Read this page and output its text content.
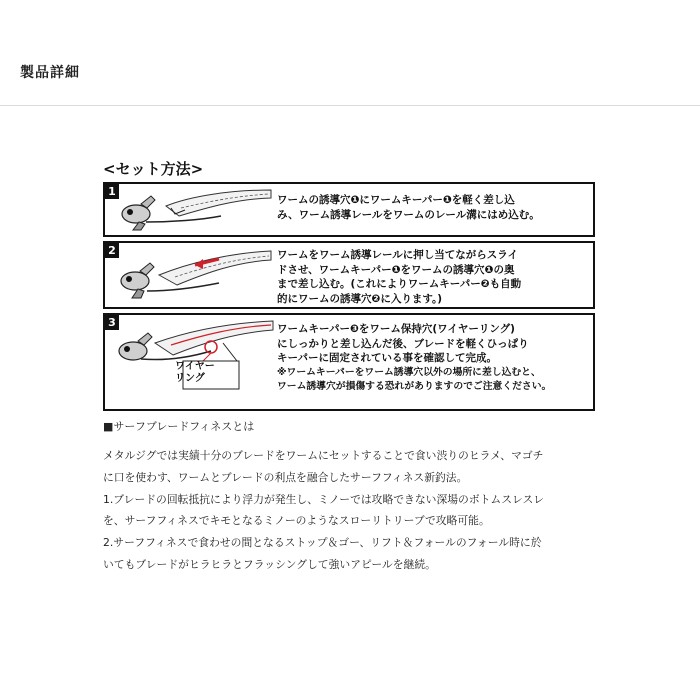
製品詳細
<セット方法>
1
ワームの誘導穴❶にワームキーパー❶を軽く差し込
み、ワーム誘導レールをワームのレール溝にはめ込む。
2	ワームをワーム誘導レールに押し当てながらスライ
ドさせ、ワームキーパー❶をワームの誘導穴❶の奥
まで差し込む。(これによりワームキーパー❷も自動
的にワームの誘導穴❷に入ります。)
3
ワイヤー
リング
ワームキーパー❸をワーム保持穴(ワイヤーリング)
にしっかりと差し込んだ後、ブレードを軽くひっぱり
キーパーに固定されている事を確認して完成。
※ワームキーパーをワーム誘導穴以外の場所に差し込むと、
ワーム誘導穴が損傷する恐れがありますのでご注意ください。
■サーフブレードフィネスとは
メタルジグでは実績十分のブレードをワームにセットすることで食い渋りのヒラメ、マゴチ
に口を使わす、ワームとブレードの利点を融合したサーフフィネス新釣法。
1.ブレードの回転抵抗により浮力が発生し、ミノーでは攻略できない深場のボトムスレスレ
を、サーフフィネスでキモとなるミノーのようなスローリトリーブで攻略可能。
2.サーフフィネスで食わせの間となるストップ＆ゴー、リフト＆フォールのフォール時に於
いてもブレードがヒラヒラとフラッシングして強いアピールを継続。
